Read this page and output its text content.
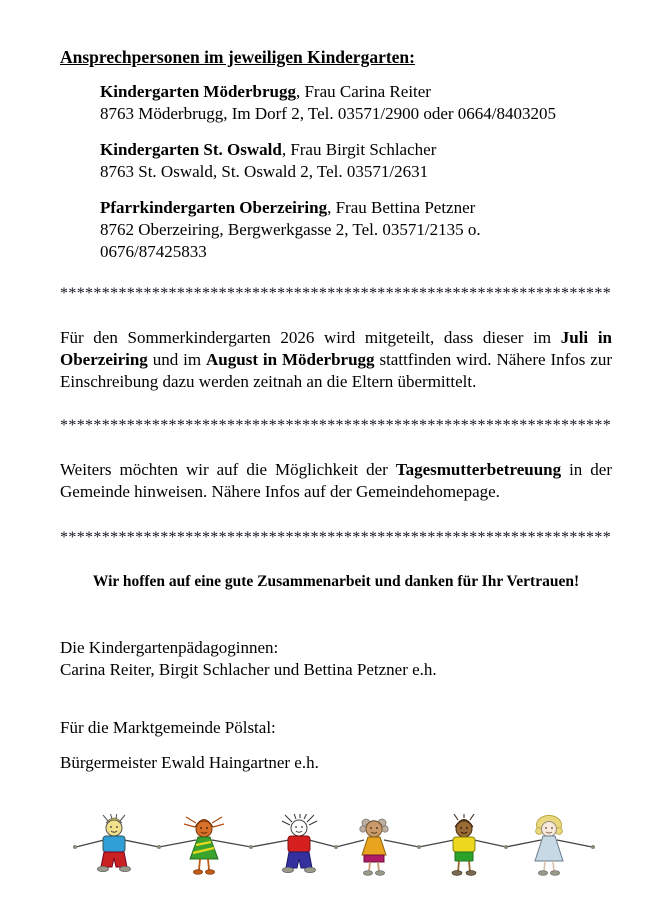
Ansprechpersonen im jeweiligen Kindergarten:
Kindergarten Möderbrugg, Frau Carina Reiter
8763 Möderbrugg, Im Dorf 2, Tel. 03571/2900 oder 0664/8403205
Kindergarten St. Oswald, Frau Birgit Schlacher
8763 St. Oswald, St. Oswald 2, Tel. 03571/2631
Pfarrkindergarten Oberzeiring, Frau Bettina Petzner
8762 Oberzeiring, Bergwerkgasse 2, Tel. 03571/2135 o.
0676/87425833
******************************************************************

Für den Sommerkindergarten 2026 wird mitgeteilt, dass dieser im Juli in Oberzeiring und im August in Möderbrugg stattfinden wird. Nähere Infos zur Einschreibung dazu werden zeitnah an die Eltern übermittelt.

******************************************************************

Weiters möchten wir auf die Möglichkeit der Tagesmutterbetreuung in der Gemeinde hinweisen. Nähere Infos auf der Gemeindehomepage.

******************************************************************
Wir hoffen auf eine gute Zusammenarbeit und danken für Ihr Vertrauen!

Die Kindergartenpädagoginnen:

Carina Reiter, Birgit Schlacher und Bettina Petzner e.h.

Für die Marktgemeinde Pölstal:

Bürgermeister Ewald Haingartner e.h.
